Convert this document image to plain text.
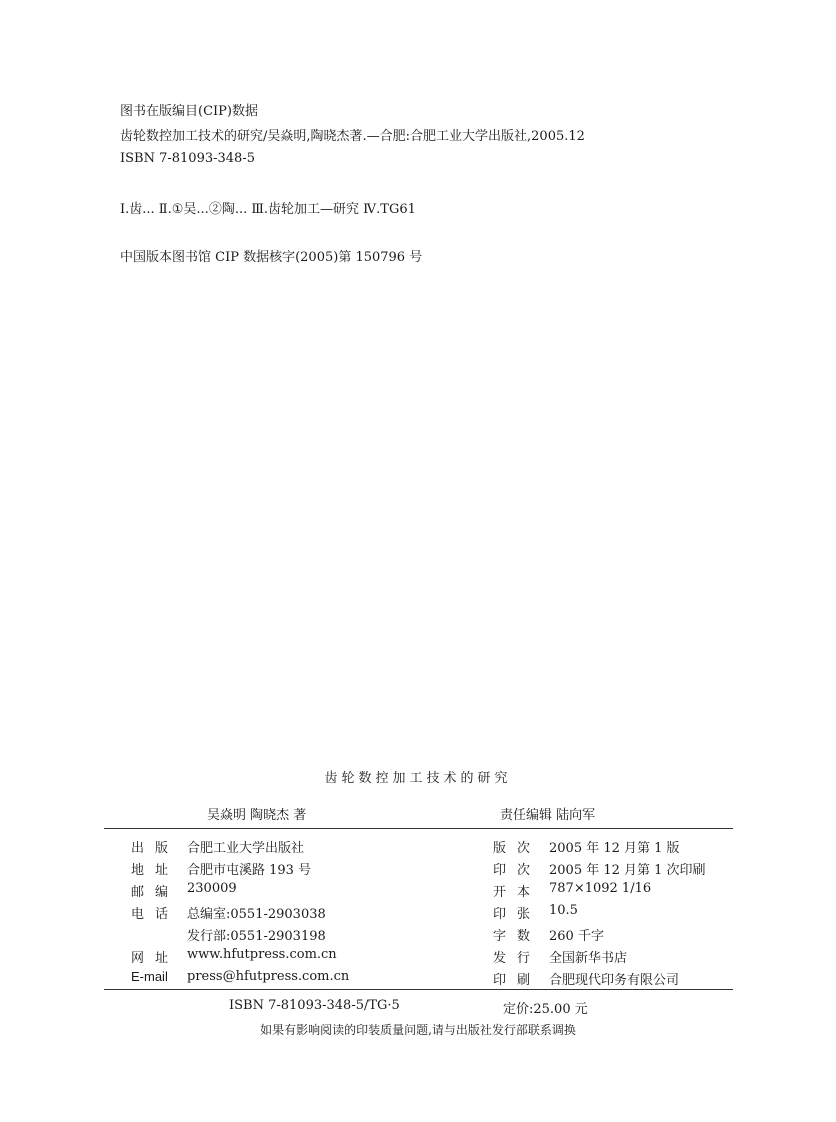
图书在版编目(CIP)数据
齿轮数控加工技术的研究/吴焱明,陶晓杰著.—合肥:合肥工业大学出版社,2005.12
ISBN 7-81093-348-5
Ⅰ.齿... Ⅱ.①吴...②陶... Ⅲ.齿轮加工—研究 Ⅳ.TG61
中国版本图书馆 CIP 数据核字(2005)第 150796 号
齿轮数控加工技术的研究
吴焱明 陶晓杰 著	责任编辑 陆向军
出版 合肥工业大学出版社
地址 合肥市屯溪路 193 号
邮编 230009
电话 总编室:0551-2903038
发行部:0551-2903198
网址 www.hfutpress.com.cn
E-mail press@hfutpress.com.cn
版次 2005 年 12 月第 1 版
印次 2005 年 12 月第 1 次印刷
开本 787×1092 1/16
印张 10.5
字数 260 千字
发行 全国新华书店
印刷 合肥现代印务有限公司
ISBN 7-81093-348-5/TG·5	定价:25.00 元
如果有影响阅读的印装质量问题,请与出版社发行部联系调换
